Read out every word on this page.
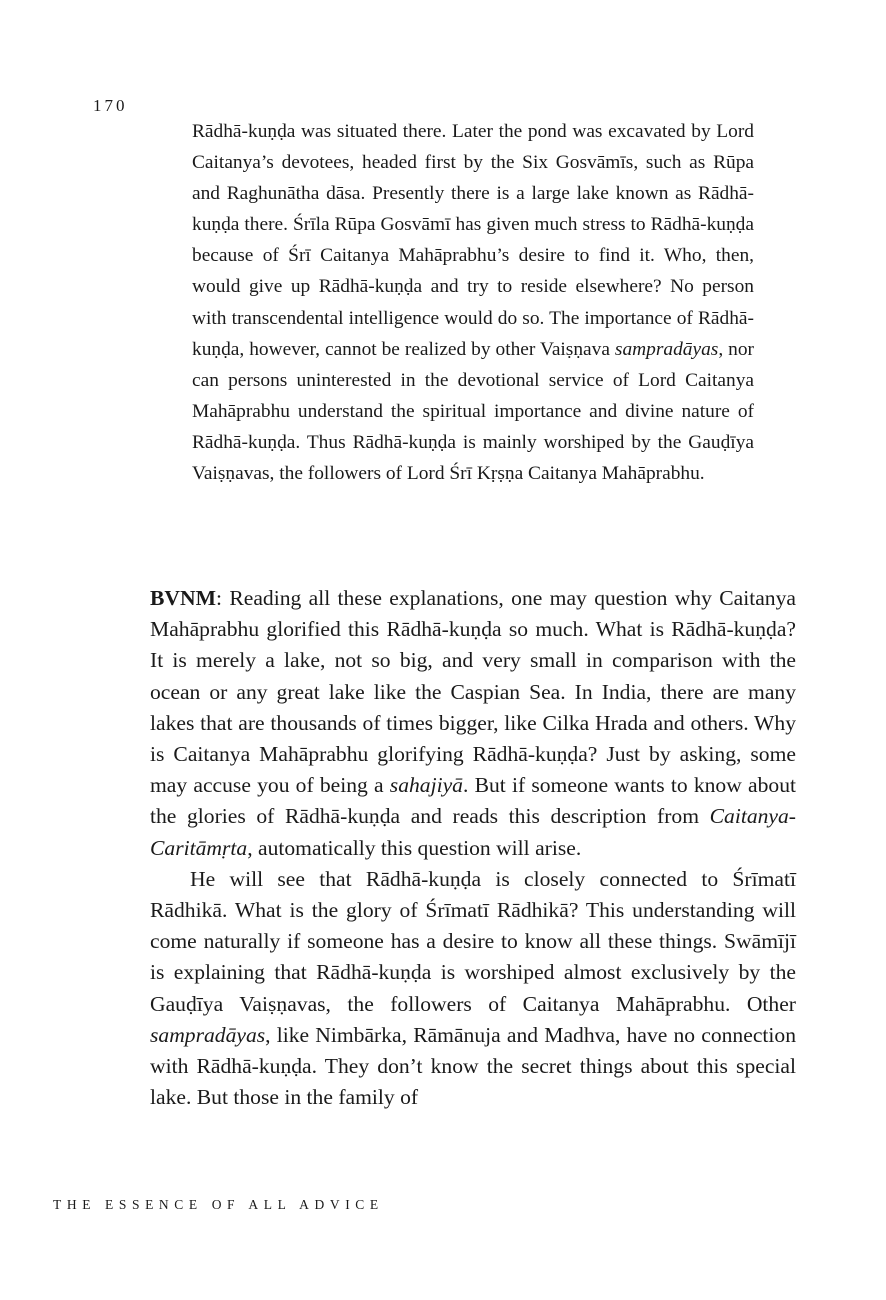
170
Rādhā-kuṇḍa was situated there. Later the pond was excavated by Lord Caitanya’s devotees, headed first by the Six Gosvāmīs, such as Rūpa and Raghunātha dāsa. Presently there is a large lake known as Rādhā-kuṇḍa there. Śrīla Rūpa Gosvāmī has given much stress to Rādhā-kuṇḍa because of Śrī Caitanya Mahāprabhu’s desire to find it. Who, then, would give up Rādhā-kuṇḍa and try to reside elsewhere? No person with transcendental intelligence would do so. The importance of Rādhā-kuṇḍa, however, cannot be realized by other Vaiṣṇava sampradāyas, nor can persons uninterested in the devotional service of Lord Caitanya Mahāprabhu understand the spiritual importance and divine nature of Rādhā-kuṇḍa. Thus Rādhā-kuṇḍa is mainly worshiped by the Gauḍīya Vaiṣṇavas, the followers of Lord Śrī Kṛṣṇa Caitanya Mahāprabhu.

BVNM: Reading all these explanations, one may question why Caitanya Mahāprabhu glorified this Rādhā-kuṇḍa so much. What is Rādhā-kuṇḍa? It is merely a lake, not so big, and very small in comparison with the ocean or any great lake like the Caspian Sea. In India, there are many lakes that are thousands of times bigger, like Cilka Hrada and others. Why is Caitanya Mahāprabhu glorifying Rādhā-kuṇḍa? Just by asking, some may accuse you of being a sahajiyā. But if someone wants to know about the glories of Rādhā-kuṇḍa and reads this description from Caitanya-Caritāmṛta, automatically this question will arise.

He will see that Rādhā-kuṇḍa is closely connected to Śrīmatī Rādhikā. What is the glory of Śrīmatī Rādhikā? This understanding will come naturally if someone has a desire to know all these things. Swāmījī is explaining that Rādhā-kuṇḍa is worshiped almost exclusively by the Gauḍīya Vaiṣṇavas, the followers of Caitanya Mahāprabhu. Other sampradāyas, like Nimbārka, Rāmānuja and Madhva, have no connection with Rādhā-kuṇḍa. They don’t know the secret things about this special lake. But those in the family of

THE ESSENCE OF ALL ADVICE
